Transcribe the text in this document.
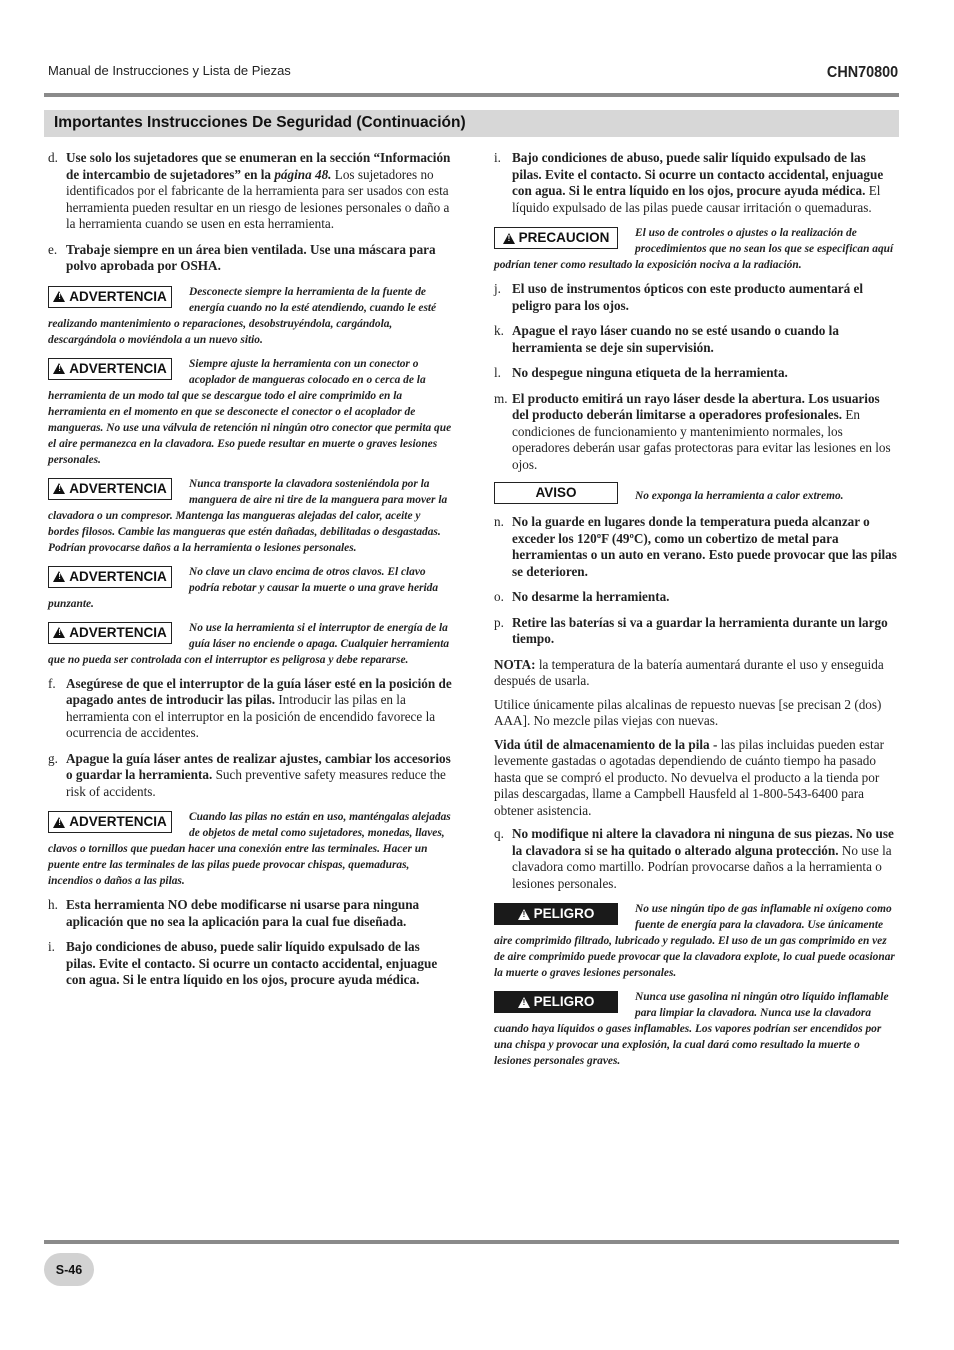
Manual de Instrucciones y Lista de Piezas	CHN70800
Importantes Instrucciones De Seguridad (Continuación)
d. Use solo los sujetadores que se enumeran en la sección “Información de intercambio de sujetadores” en la página 48. Los sujetadores no identificados por el fabricante de la herramienta para ser usados con esta herramienta pueden resultar en un riesgo de lesiones personales o daño a la herramienta cuando se usen en esta herramienta.
e. Trabaje siempre en un área bien ventilada. Use una máscara para polvo aprobada por OSHA.
! ADVERTENCIA Desconecte siempre la herramienta de la fuente de energía cuando no la esté atendiendo, cuando le esté realizando mantenimiento o reparaciones, desobstruyéndola, cargándola, descargándola o moviéndola a un nuevo sitio.
! ADVERTENCIA Siempre ajuste la herramienta con un conector o acoplador de mangueras colocado en o cerca de la herramienta de un modo tal que se descargue todo el aire comprimido en la herramienta en el momento en que se desconecte el conector o el acoplador de mangueras. No use una válvula de retención ni ningún otro conector que permita que el aire permanezca en la clavadora. Eso puede resultar en muerte o graves lesiones personales.
! ADVERTENCIA Nunca transporte la clavadora sosteniéndola por la manguera de aire ni tire de la manguera para mover la clavadora o un compresor. Mantenga las mangueras alejadas del calor, aceite y bordes filosos. Cambie las mangueras que estén dañadas, debilitadas o desgastadas. Podrían provocarse daños a la herramienta o lesiones personales.
! ADVERTENCIA No clave un clavo encima de otros clavos. El clavo podría rebotar y causar la muerte o una grave herida punzante.
! ADVERTENCIA No use la herramienta si el interruptor de energía de la guía láser no enciende o apaga. Cualquier herramienta que no pueda ser controlada con el interruptor es peligrosa y debe repararse.
f. Asegúrese de que el interruptor de la guía láser esté en la posición de apagado antes de introducir las pilas. Introducir las pilas en la herramienta con el interruptor en la posición de encendido favorece la ocurrencia de accidentes.
g. Apague la guía láser antes de realizar ajustes, cambiar los accesorios o guardar la herramienta. Such preventive safety measures reduce the risk of accidents.
! ADVERTENCIA Cuando las pilas no están en uso, manténgalas alejadas de objetos de metal como sujetadores, monedas, llaves, clavos o tornillos que puedan hacer una conexión entre las terminales. Hacer un puente entre las terminales de las pilas puede provocar chispas, quemaduras, incendios o daños a las pilas.
h. Esta herramienta NO debe modificarse ni usarse para ninguna aplicación que no sea la aplicación para la cual fue diseñada.
i. Bajo condiciones de abuso, puede salir líquido expulsado de las pilas. Evite el contacto. Si ocurre un contacto accidental, enjuague con agua. Si le entra líquido en los ojos, procure ayuda médica.
i. Bajo condiciones de abuso, puede salir líquido expulsado de las pilas. Evite el contacto. Si ocurre un contacto accidental, enjuague con agua. Si le entra líquido en los ojos, procure ayuda médica. El líquido expulsado de las pilas puede causar irritación o quemaduras.
! PRECAUCION El uso de controles o ajustes o la realización de procedimientos que no sean los que se especifican aquí podrían tener como resultado la exposición nociva a la radiación.
j. El uso de instrumentos ópticos con este producto aumentará el peligro para los ojos.
k. Apague el rayo láser cuando no se esté usando o cuando la herramienta se deje sin supervisión.
l. No despegue ninguna etiqueta de la herramienta.
m. El producto emitirá un rayo láser desde la abertura. Los usuarios del producto deberán limitarse a operadores profesionales. En condiciones de funcionamiento y mantenimiento normales, los operadores deberán usar gafas protectoras para evitar las lesiones en los ojos.
AVISO	No exponga la herramienta a calor extremo.
n. No la guarde en lugares donde la temperatura pueda alcanzar o exceder los 120ºF (49ºC), como un cobertizo de metal para herramientas o un auto en verano. Esto puede provocar que las pilas se deterioren.
o. No desarme la herramienta.
p. Retire las baterías si va a guardar la herramienta durante un largo tiempo.

NOTA: la temperatura de la batería aumentará durante el uso y enseguida después de usarla.

Utilice únicamente pilas alcalinas de repuesto nuevas [se precisan 2 (dos) AAA]. No mezcle pilas viejas con nuevas.

Vida útil de almacenamiento de la pila - las pilas incluidas pueden estar levemente gastadas o agotadas dependiendo de cuánto tiempo ha pasado hasta que se compró el producto. No devuelva el producto a la tienda por pilas descargadas, llame a Campbell Hausfeld al 1-800-543-6400 para obtener asistencia.

q. No modifique ni altere la clavadora ni ninguna de sus piezas. No use la clavadora si se ha quitado o alterado alguna protección. No use la clavadora como martillo. Podrían provocarse daños a la herramienta o lesiones personales.
! PELIGRO	No use ningún tipo de gas inflamable ni oxígeno como fuente de energía para la clavadora. Use únicamente aire comprimido filtrado, lubricado y regulado. El uso de un gas comprimido en vez de aire comprimido puede provocar que la clavadora explote, lo cual puede ocasionar la muerte o graves lesiones personales.
! PELIGRO	Nunca use gasolina ni ningún otro líquido inflamable para limpiar la clavadora. Nunca use la clavadora cuando haya líquidos o gases inflamables. Los vapores podrían ser encendidos por una chispa y provocar una explosión, la cual dará como resultado la muerte o lesiones personales graves.
S-46
